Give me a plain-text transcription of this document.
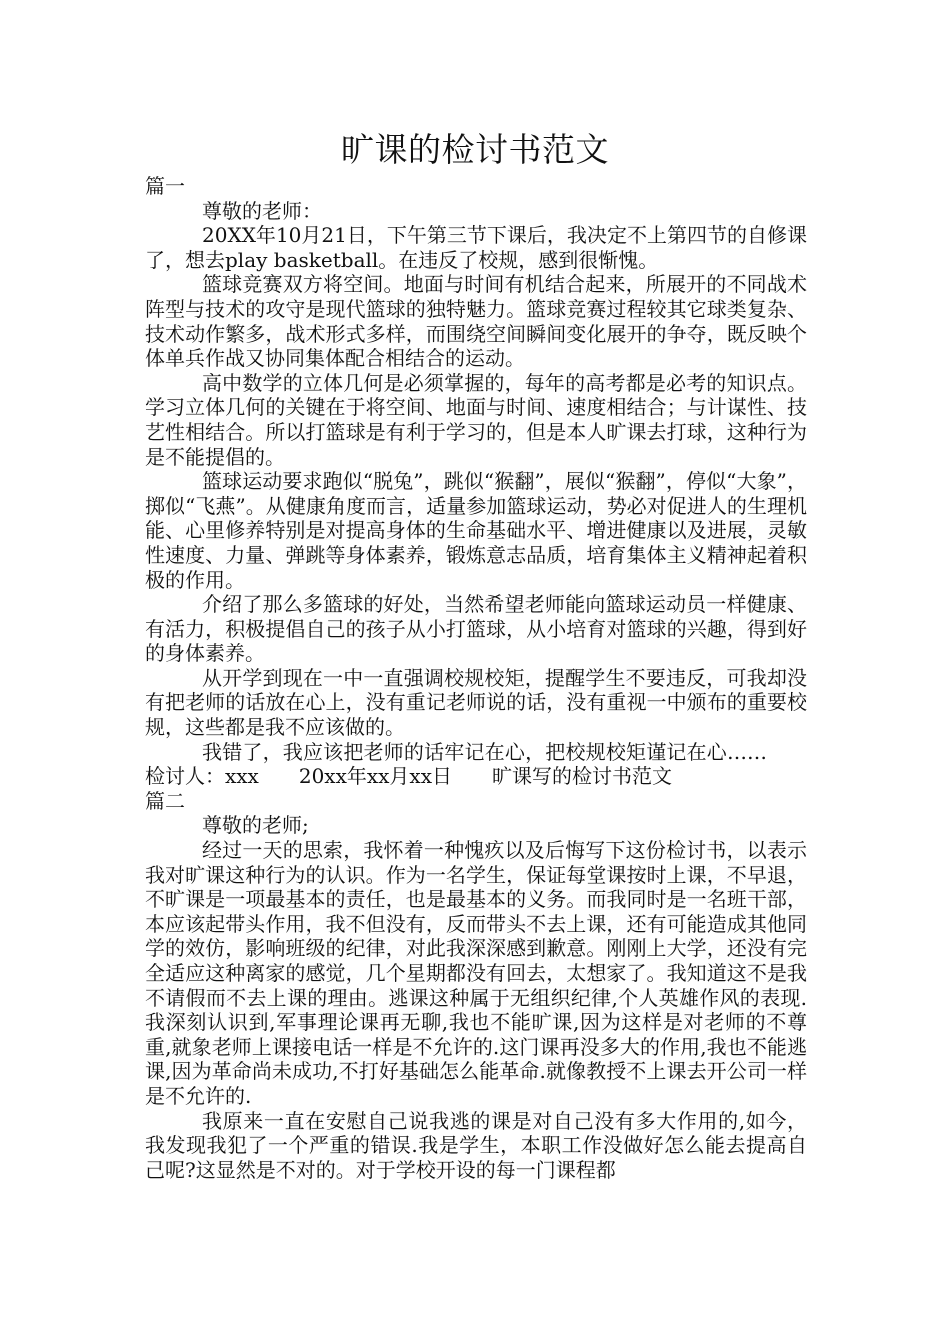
旷课的检讨书范文

篇一

尊敬的老师：

20XX年10月21日，下午第三节下课后，我决定不上第四节的自修课了，想去play basketball。在违反了校规，感到很惭愧。

篮球竞赛双方将空间。地面与时间有机结合起来，所展开的不同战术阵型与技术的攻守是现代篮球的独特魅力。篮球竞赛过程较其它球类复杂、技术动作繁多，战术形式多样，而围绕空间瞬间变化展开的争夺，既反映个体单兵作战又协同集体配合相结合的运动。

高中数学的立体几何是必须掌握的，每年的高考都是必考的知识点。学习立体几何的关键在于将空间、地面与时间、速度相结合；与计谋性、技艺性相结合。所以打篮球是有利于学习的，但是本人旷课去打球，这种行为是不能提倡的。

篮球运动要求跑似“脱兔”，跳似“猴翻”，展似“猴翻”，停似“大象”，掷似“飞燕”。从健康角度而言，适量参加篮球运动，势必对促进人的生理机能、心里修养特别是对提高身体的生命基础水平、增进健康以及进展，灵敏性速度、力量、弹跳等身体素养，锻炼意志品质，培育集体主义精神起着积极的作用。

介绍了那么多篮球的好处，当然希望老师能向篮球运动员一样健康、有活力，积极提倡自己的孩子从小打篮球，从小培育对篮球的兴趣，得到好的身体素养。

从开学到现在一中一直强调校规校矩，提醒学生不要违反，可我却没有把老师的话放在心上，没有重记老师说的话，没有重视一中颁布的重要校规，这些都是我不应该做的。

我错了，我应该把老师的话牢记在心，把校规校矩谨记在心……检讨人：xxx 20xx年xx月xx日 旷课写的检讨书范文

篇二

尊敬的老师;

经过一天的思索，我怀着一种愧疚以及后悔写下这份检讨书，以表示我对旷课这种行为的认识。作为一名学生，保证每堂课按时上课，不早退，不旷课是一项最基本的责任，也是最基本的义务。而我同时是一名班干部，本应该起带头作用，我不但没有，反而带头不去上课，还有可能造成其他同学的效仿，影响班级的纪律，对此我深深感到歉意。刚刚上大学，还没有完全适应这种离家的感觉，几个星期都没有回去，太想家了。我知道这不是我不请假而不去上课的理由。逃课这种属于无组织纪律,个人英雄作风的表现.我深刻认识到,军事理论课再无聊,我也不能旷课,因为这样是对老师的不尊重,就象老师上课接电话一样是不允许的.这门课再没多大的作用,我也不能逃课,因为革命尚未成功,不打好基础怎么能革命.就像教授不上课去开公司一样是不允许的.

我原来一直在安慰自己说我逃的课是对自己没有多大作用的,如今，我发现我犯了一个严重的错误.我是学生，本职工作没做好怎么能去提高自己呢?这显然是不对的。对于学校开设的每一门课程都
